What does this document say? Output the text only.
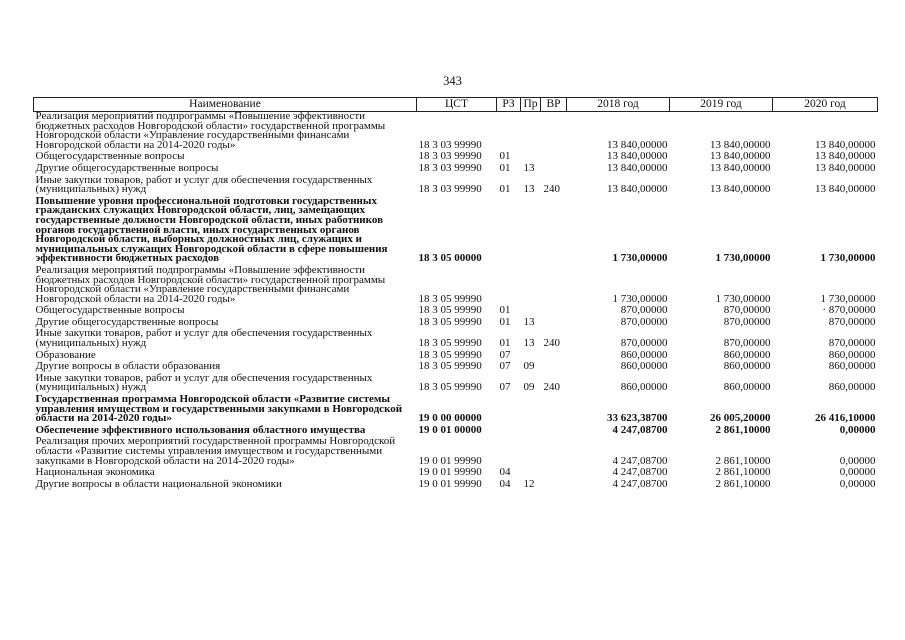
343
Наименование	ЦСТ	РЗ	Пр	ВР	2018 год	2019 год	2020 год
Реализация мероприятий подпрограммы «Повышение эффективности бюджетных расходов Новгородской области» государственной программы Новгородской области «Управление государственными финансами Новгородской области на 2014-2020 годы»	18 3 03 99990				13 840,00000	13 840,00000	13 840,00000
Общегосударственные вопросы	18 3 03 99990	01			13 840,00000	13 840,00000	13 840,00000
Другие общегосударственные вопросы	18 3 03 99990	01	13		13 840,00000	13 840,00000	13 840,00000
Иные закупки товаров, работ и услуг для обеспечения государственных (муниципальных) нужд	18 3 03 99990	01	13	240	13 840,00000	13 840,00000	13 840,00000
Повышение уровня профессиональной подготовки государственных гражданских служащих Новгородской области, лиц, замещающих государственные должности Новгородской области, иных работников органов государственной власти, иных государственных органов Новгородской области, выборных должностных лиц, служащих и муниципальных служащих Новгородской области в сфере повышения эффективности бюджетных расходов	18 3 05 00000				1 730,00000	1 730,00000	1 730,00000
Реализация мероприятий подпрограммы «Повышение эффективности бюджетных расходов Новгородской области» государственной программы Новгородской области «Управление государственными финансами Новгородской области на 2014-2020 годы»	18 3 05 99990				1 730,00000	1 730,00000	1 730,00000
Общегосударственные вопросы	18 3 05 99990	01			870,00000	870,00000	· 870,00000
Другие общегосударственные вопросы	18 3 05 99990	01	13		870,00000	870,00000	870,00000
Иные закупки товаров, работ и услуг для обеспечения государственных (муниципальных) нужд	18 3 05 99990	01	13	240	870,00000	870,00000	870,00000
Образование	18 3 05 99990	07			860,00000	860,00000	860,00000
Другие вопросы в области образования	18 3 05 99990	07	09		860,00000	860,00000	860,00000
Иные закупки товаров, работ и услуг для обеспечения государственных (муниципальных) нужд	18 3 05 99990	07	09	240	860,00000	860,00000	860,00000
Государственная программа Новгородской области «Развитие системы управления имуществом и государственными закупками в Новгородской области на 2014-2020 годы»	19 0 00 00000				33 623,38700	26 005,20000	26 416,10000
Обеспечение эффективного использования областного имущества	19 0 01 00000				4 247,08700	2 861,10000	0,00000
Реализация прочих мероприятий государственной программы Новгородской области «Развитие системы управления имуществом и государственными закупками в Новгородской области на 2014-2020 годы»	19 0 01 99990				4 247,08700	2 861,10000	0,00000
Национальная экономика	19 0 01 99990	04			4 247,08700	2 861,10000	0,00000
Другие вопросы в области национальной экономики	19 0 01 99990	04	12		4 247,08700	2 861,10000	0,00000
